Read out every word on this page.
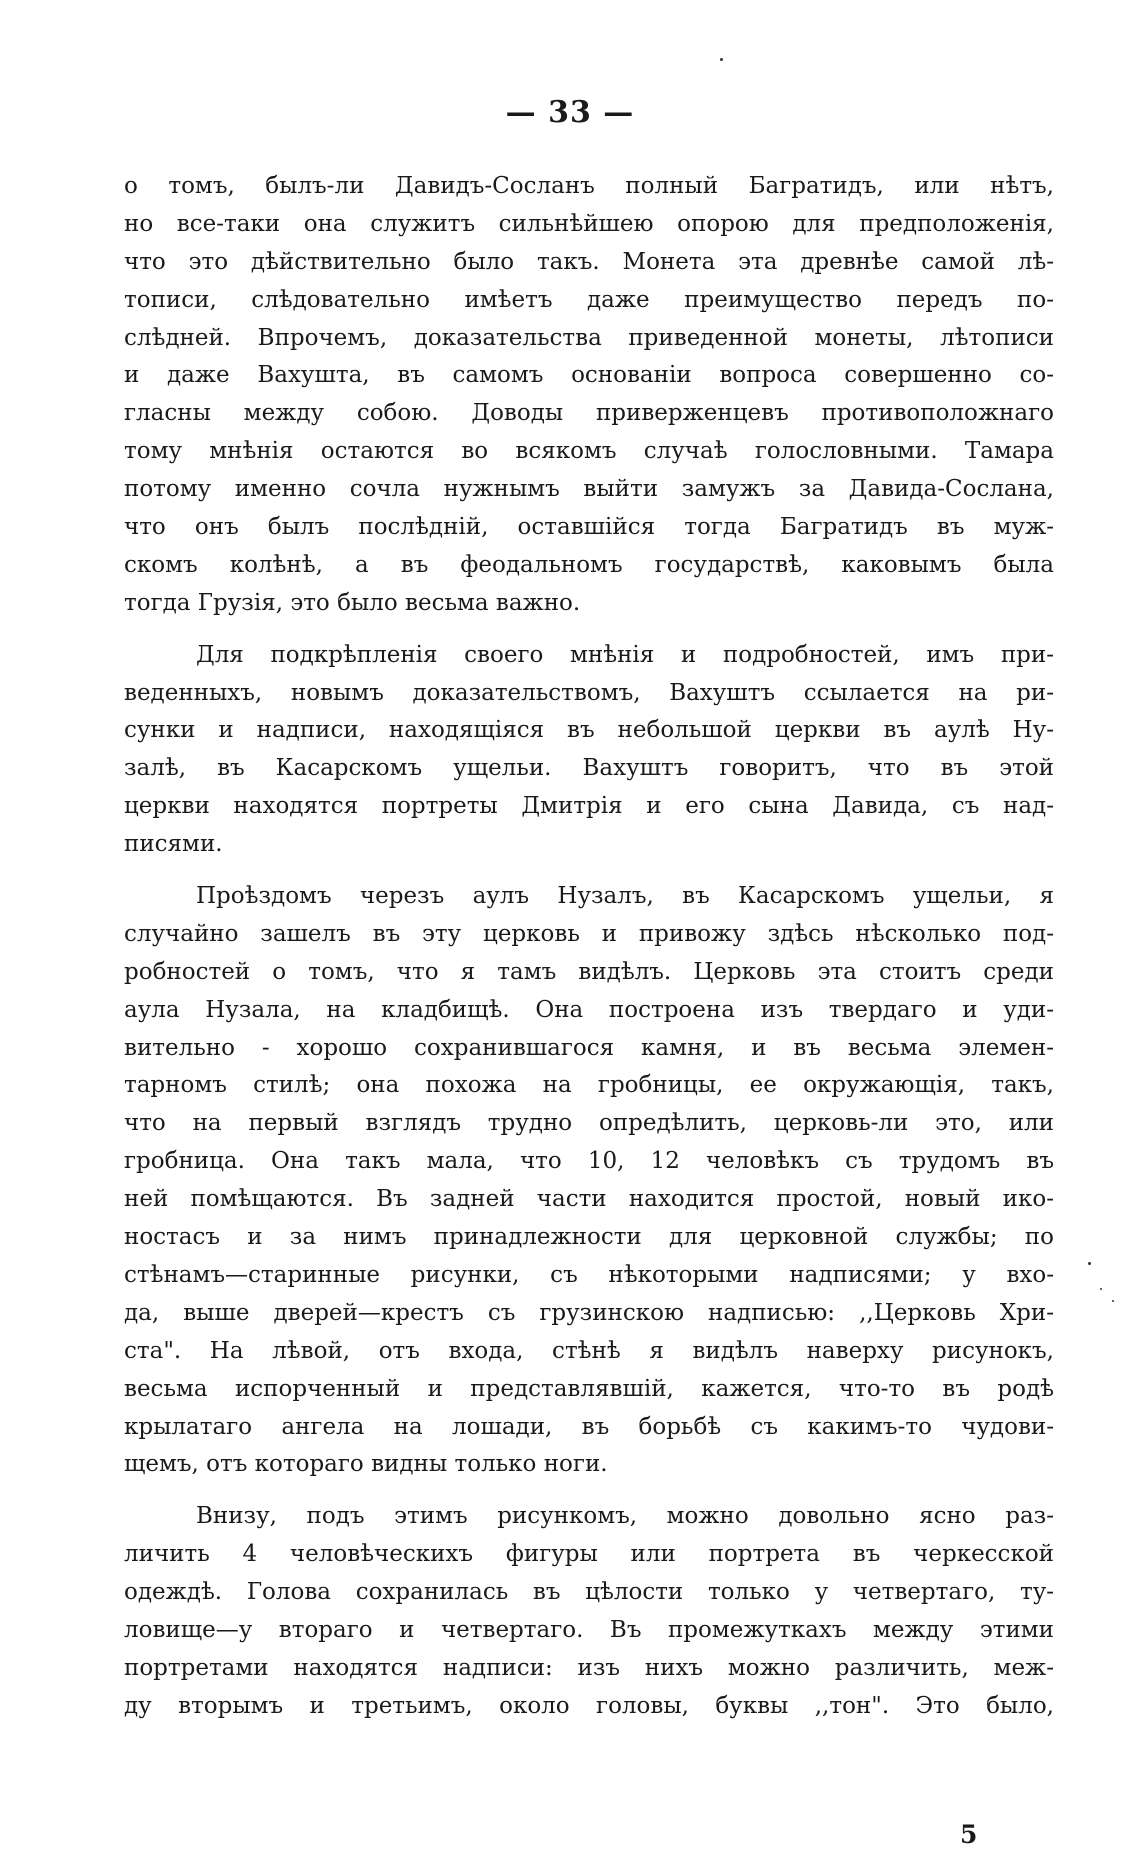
— 33 —
о томъ, былъ-ли Давидъ-Сосланъ полный Багратидъ, или нѣтъ,
но все-таки она служитъ сильнѣйшею опорою для предположенія,
что это дѣйствительно было такъ. Монета эта древнѣе самой лѣ-
тописи, слѣдовательно имѣетъ даже преимущество передъ по-
слѣдней. Впрочемъ, доказательства приведенной монеты, лѣтописи
и даже Вахушта, въ самомъ основаніи вопроса совершенно со-
гласны между собою. Доводы приверженцевъ противоположнаго
тому мнѣнія остаются во всякомъ случаѣ голословными. Тамара
потому именно сочла нужнымъ выйти замужъ за Давида-Сослана,
что онъ былъ послѣдній, оставшійся тогда Багратидъ въ муж-
скомъ колѣнѣ, а въ феодальномъ государствѣ, каковымъ была
тогда Грузія, это было весьма важно.
Для подкрѣпленія своего мнѣнія и подробностей, имъ при-
веденныхъ, новымъ доказательствомъ, Вахуштъ ссылается на ри-
сунки и надписи, находящіяся въ небольшой церкви въ аулѣ Ну-
залѣ, въ Касарскомъ ущельи. Вахуштъ говоритъ, что въ этой
церкви находятся портреты Дмитрія и его сына Давида, съ над-
писями.
Проѣздомъ черезъ аулъ Нузалъ, въ Касарскомъ ущельи, я
случайно зашелъ въ эту церковь и привожу здѣсь нѣсколько под-
робностей о томъ, что я тамъ видѣлъ. Церковь эта стоитъ среди
аула Нузала, на кладбищѣ. Она построена изъ твердаго и уди-
вительно - хорошо сохранившагося камня, и въ весьма элемен-
тарномъ стилѣ; она похожа на гробницы, ее окружающія, такъ,
что на первый взглядъ трудно опредѣлить, церковь-ли это, или
гробница. Она такъ мала, что 10, 12 человѣкъ съ трудомъ въ
ней помѣщаются. Въ задней части находится простой, новый ико-
ностасъ и за нимъ принадлежности для церковной службы; по
стѣнамъ—старинные рисунки, съ нѣкоторыми надписями; у вхо-
да, выше дверей—крестъ съ грузинскою надписью: ,,Церковь Хри-
ста". На лѣвой, отъ входа, стѣнѣ я видѣлъ наверху рисунокъ,
весьма испорченный и представлявшій, кажется, что-то въ родѣ
крылатаго ангела на лошади, въ борьбѣ съ какимъ-то чудови-
щемъ, отъ котораго видны только ноги.
Внизу, подъ этимъ рисункомъ, можно довольно ясно раз-
личить 4 человѣческихъ фигуры или портрета въ черкесской
одеждѣ. Голова сохранилась въ цѣлости только у четвертаго, ту-
ловище—у втораго и четвертаго. Въ промежуткахъ между этими
портретами находятся надписи: изъ нихъ можно различить, меж-
ду вторымъ и третьимъ, около головы, буквы ,,тон". Это было,
5
